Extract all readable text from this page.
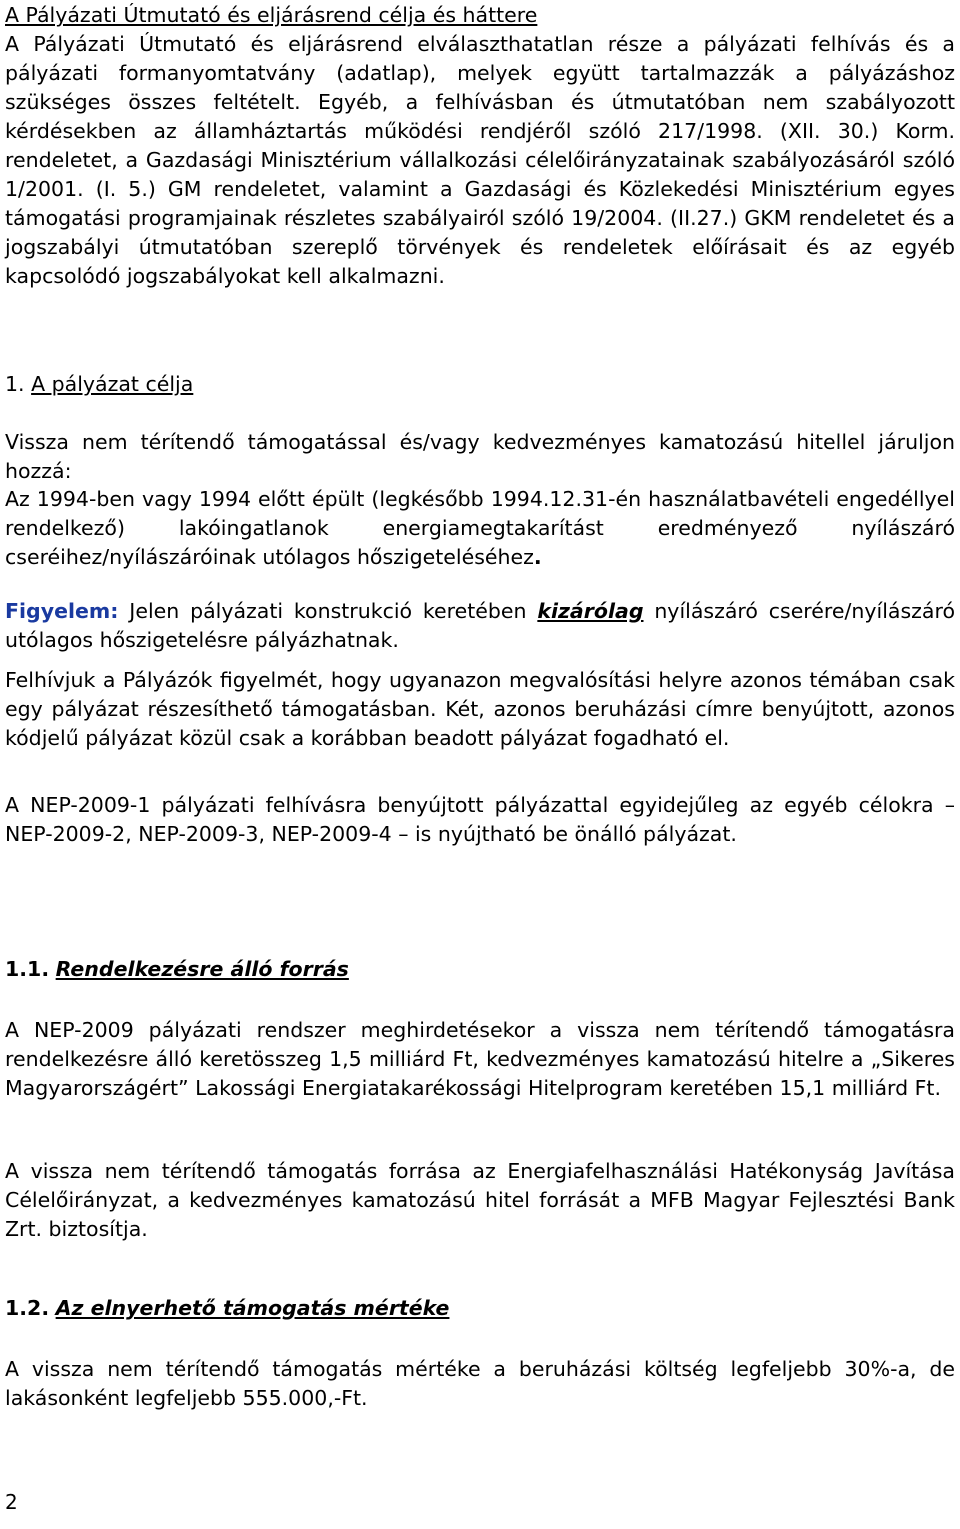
A Pályázati Útmutató és eljárásrend célja és háttere

A Pályázati Útmutató és eljárásrend elválaszthatatlan része a pályázati felhívás és a pályázati formanyomtatvány (adatlap), melyek együtt tartalmazzák a pályázáshoz szükséges összes feltételt. Egyéb, a felhívásban és útmutatóban nem szabályozott kérdésekben az államháztartás működési rendjéről szóló 217/1998. (XII. 30.) Korm. rendeletet, a Gazdasági Minisztérium vállalkozási célelőirányzatainak szabályozásáról szóló 1/2001. (I. 5.) GM rendeletet, valamint a Gazdasági és Közlekedési Minisztérium egyes támogatási programjainak részletes szabályairól szóló 19/2004. (II.27.) GKM rendeletet és a jogszabályi útmutatóban szereplő törvények és rendeletek előírásait és az egyéb kapcsolódó jogszabályokat kell alkalmazni.

1. A pályázat célja

Vissza nem térítendő támogatással és/vagy kedvezményes kamatozású hitellel járuljon hozzá:

Az 1994-ben vagy 1994 előtt épült (legkésőbb 1994.12.31-én használatbavételi engedéllyel rendelkező) lakóingatlanok energiamegtakarítást eredményező nyílászáró cseréihez/nyílászáróinak utólagos hőszigeteléséhez.

Figyelem: Jelen pályázati konstrukció keretében kizárólag nyílászáró cserére/nyílászáró utólagos hőszigetelésre pályázhatnak.

Felhívjuk a Pályázók figyelmét, hogy ugyanazon megvalósítási helyre azonos témában csak egy pályázat részesíthető támogatásban. Két, azonos beruházási címre benyújtott, azonos kódjelű pályázat közül csak a korábban beadott pályázat fogadható el.

A NEP-2009-1 pályázati felhívásra benyújtott pályázattal egyidejűleg az egyéb célokra – NEP-2009-2, NEP-2009-3, NEP-2009-4 – is nyújtható be önálló pályázat.

1.1. Rendelkezésre álló forrás

A NEP-2009 pályázati rendszer meghirdetésekor a vissza nem térítendő támogatásra rendelkezésre álló keretösszeg 1,5 milliárd Ft, kedvezményes kamatozású hitelre a „Sikeres Magyarországért” Lakossági Energiatakarékossági Hitelprogram keretében 15,1 milliárd Ft.

A vissza nem térítendő támogatás forrása az Energiafelhasználási Hatékonyság Javítása Célelőirányzat, a kedvezményes kamatozású hitel forrását a MFB Magyar Fejlesztési Bank Zrt. biztosítja.

1.2. Az elnyerhető támogatás mértéke

A vissza nem térítendő támogatás mértéke a beruházási költség legfeljebb 30%-a, de lakásonként legfeljebb 555.000,-Ft.

2
